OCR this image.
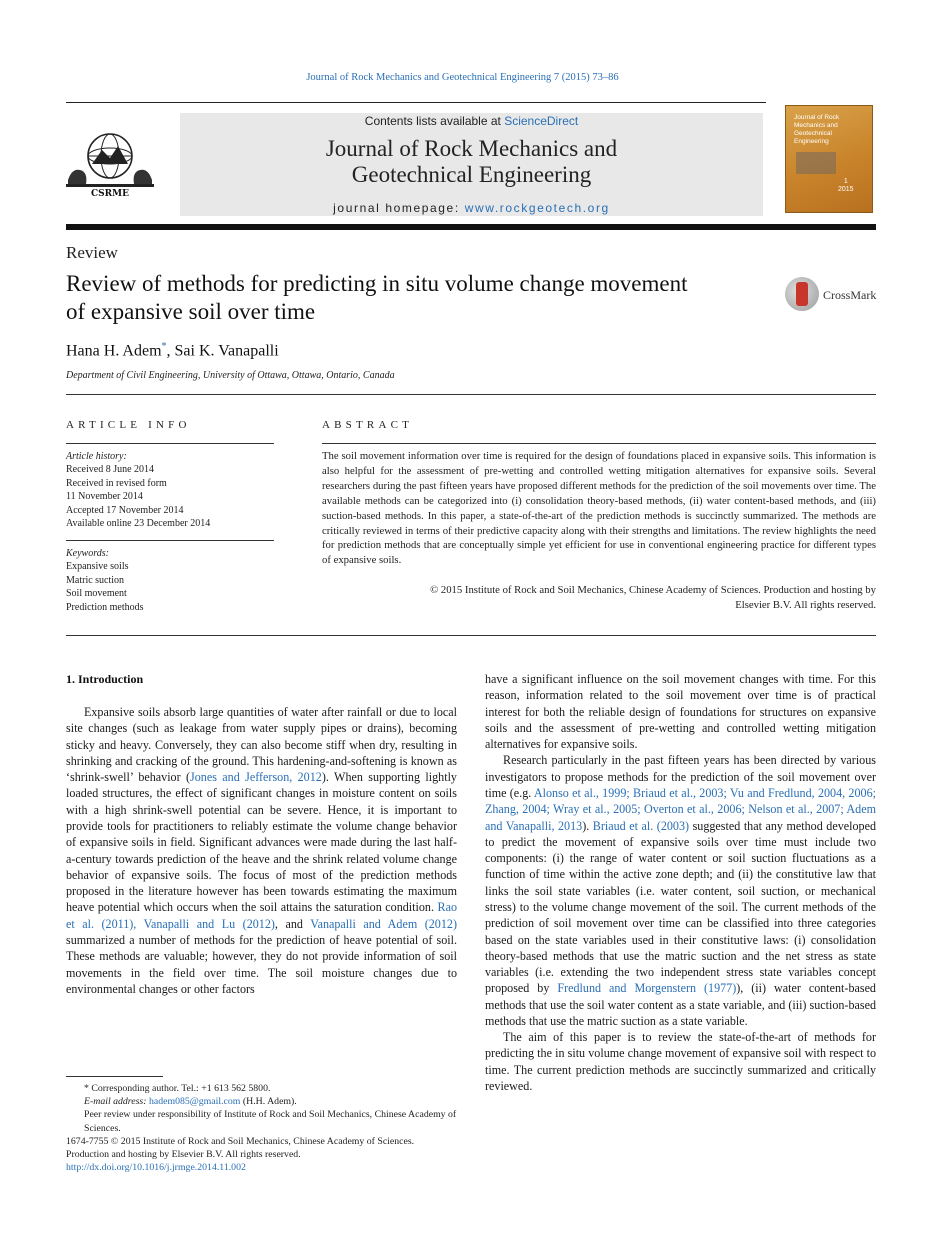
Journal of Rock Mechanics and Geotechnical Engineering 7 (2015) 73–86
CSRME
Contents lists available at ScienceDirect
Journal of Rock Mechanics and
Geotechnical Engineering
journal homepage: www.rockgeotech.org
Journal of Rock Mechanics and Geotechnical Engineering
1
2015
Review
Review of methods for predicting in situ volume change movement
of expansive soil over time
CrossMark
Hana H. Adem*, Sai K. Vanapalli
Department of Civil Engineering, University of Ottawa, Ottawa, Ontario, Canada
ARTICLE INFO	ABSTRACT
Article history:
Received 8 June 2014
Received in revised form
11 November 2014
Accepted 17 November 2014
Available online 23 December 2014
Keywords:
Expansive soils
Matric suction
Soil movement
Prediction methods
The soil movement information over time is required for the design of foundations placed in expansive soils. This information is also helpful for the assessment of pre-wetting and controlled wetting mitigation alternatives for expansive soils. Several researchers during the past fifteen years have proposed different methods for the prediction of the soil movements over time. The available methods can be categorized into (i) consolidation theory-based methods, (ii) water content-based methods, and (iii) suction-based methods. In this paper, a state-of-the-art of the prediction methods is succinctly summarized. The methods are critically reviewed in terms of their predictive capacity along with their strengths and limitations. The review highlights the need for prediction methods that are conceptually simple yet efficient for use in conventional engineering practice for different types of expansive soils.
© 2015 Institute of Rock and Soil Mechanics, Chinese Academy of Sciences. Production and hosting by
Elsevier B.V. All rights reserved.
1. Introduction

Expansive soils absorb large quantities of water after rainfall or due to local site changes (such as leakage from water supply pipes or drains), becoming sticky and heavy. Conversely, they can also become stiff when dry, resulting in shrinking and cracking of the ground. This hardening-and-softening is known as ‘shrink-swell’ behavior (Jones and Jefferson, 2012). When supporting lightly loaded structures, the effect of significant changes in moisture content on soils with a high shrink-swell potential can be severe. Hence, it is important to provide tools for practitioners to reliably estimate the volume change behavior of expansive soils in field. Significant advances were made during the last half-a-century towards prediction of the heave and the shrink related volume change behavior of expansive soils. The focus of most of the prediction methods proposed in the literature however has been towards estimating the maximum heave potential which occurs when the soil attains the saturation condition. Rao et al. (2011), Vanapalli and Lu (2012), and Vanapalli and Adem (2012) summarized a number of methods for the prediction of heave potential of soil. These methods are valuable; however, they do not provide information of soil movements in the field over time. The soil moisture changes due to environmental changes or other factors

have a significant influence on the soil movement changes with time. For this reason, information related to the soil movement over time is of practical interest for both the reliable design of foundations for structures on expansive soils and the assessment of pre-wetting and controlled wetting mitigation alternatives for expansive soils.

Research particularly in the past fifteen years has been directed by various investigators to propose methods for the prediction of the soil movement over time (e.g. Alonso et al., 1999; Briaud et al., 2003; Vu and Fredlund, 2004, 2006; Zhang, 2004; Wray et al., 2005; Overton et al., 2006; Nelson et al., 2007; Adem and Vanapalli, 2013). Briaud et al. (2003) suggested that any method developed to predict the movement of expansive soils over time must include two components: (i) the range of water content or soil suction fluctuations as a function of time within the active zone depth; and (ii) the constitutive law that links the soil state variables (i.e. water content, soil suction, or mechanical stress) to the volume change movement of the soil. The current methods of the prediction of soil movement over time can be classified into three categories based on the state variables used in their constitutive laws: (i) consolidation theory-based methods that use the matric suction and the net stress as state variables (i.e. extending the two independent stress state variables concept proposed by Fredlund and Morgenstern (1977)), (ii) water content-based methods that use the soil water content as a state variable, and (iii) suction-based methods that use the matric suction as a state variable.

The aim of this paper is to review the state-of-the-art of methods for predicting the in situ volume change movement of expansive soil with respect to time. The current prediction methods are succinctly summarized and critically reviewed.

* Corresponding author. Tel.: +1 613 562 5800.
E-mail address: hadem085@gmail.com (H.H. Adem).
Peer review under responsibility of Institute of Rock and Soil Mechanics, Chinese Academy of Sciences.
1674-7755 © 2015 Institute of Rock and Soil Mechanics, Chinese Academy of Sciences. Production and hosting by Elsevier B.V. All rights reserved.
http://dx.doi.org/10.1016/j.jrmge.2014.11.002
